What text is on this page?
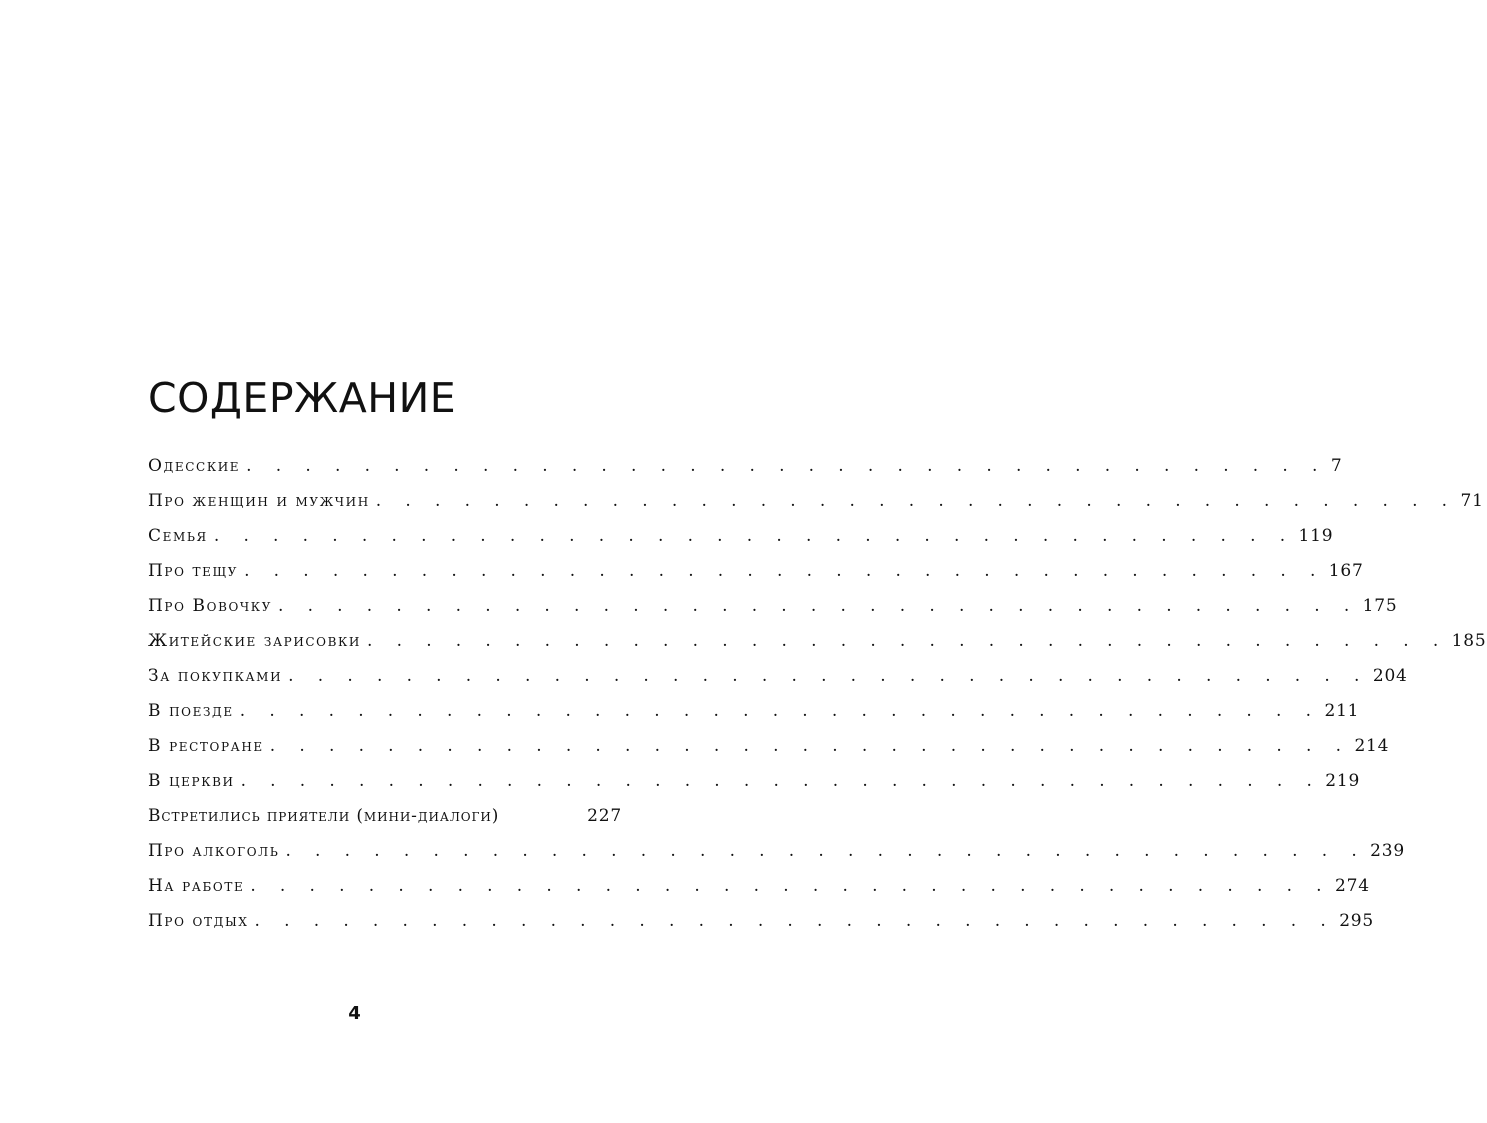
СОДЕРЖАНИЕ
Одесские . . . . . . . . . . . . . . . . . . . . . . . . . . . . . . . . . . . . . 7
Про женщин и мужчин . . . . . . . . . . . . . . . . . . . . . . . . . . . . . . . . . . . . . 71
Семья . . . . . . . . . . . . . . . . . . . . . . . . . . . . . . . . . . . . . 119
Про тещу . . . . . . . . . . . . . . . . . . . . . . . . . . . . . . . . . . . . . 167
Про Вовочку . . . . . . . . . . . . . . . . . . . . . . . . . . . . . . . . . . . . . 175
Житейские зарисовки . . . . . . . . . . . . . . . . . . . . . . . . . . . . . . . . . . . . . 185
За покупками . . . . . . . . . . . . . . . . . . . . . . . . . . . . . . . . . . . . . 204
В поезде . . . . . . . . . . . . . . . . . . . . . . . . . . . . . . . . . . . . . 211
В ресторане . . . . . . . . . . . . . . . . . . . . . . . . . . . . . . . . . . . . . 214
В церкви . . . . . . . . . . . . . . . . . . . . . . . . . . . . . . . . . . . . . 219
Встретились приятели (мини-диалоги)	227
Про алкоголь . . . . . . . . . . . . . . . . . . . . . . . . . . . . . . . . . . . . . 239
На работе . . . . . . . . . . . . . . . . . . . . . . . . . . . . . . . . . . . . . 274
Про отдых . . . . . . . . . . . . . . . . . . . . . . . . . . . . . . . . . . . . . 295
4
